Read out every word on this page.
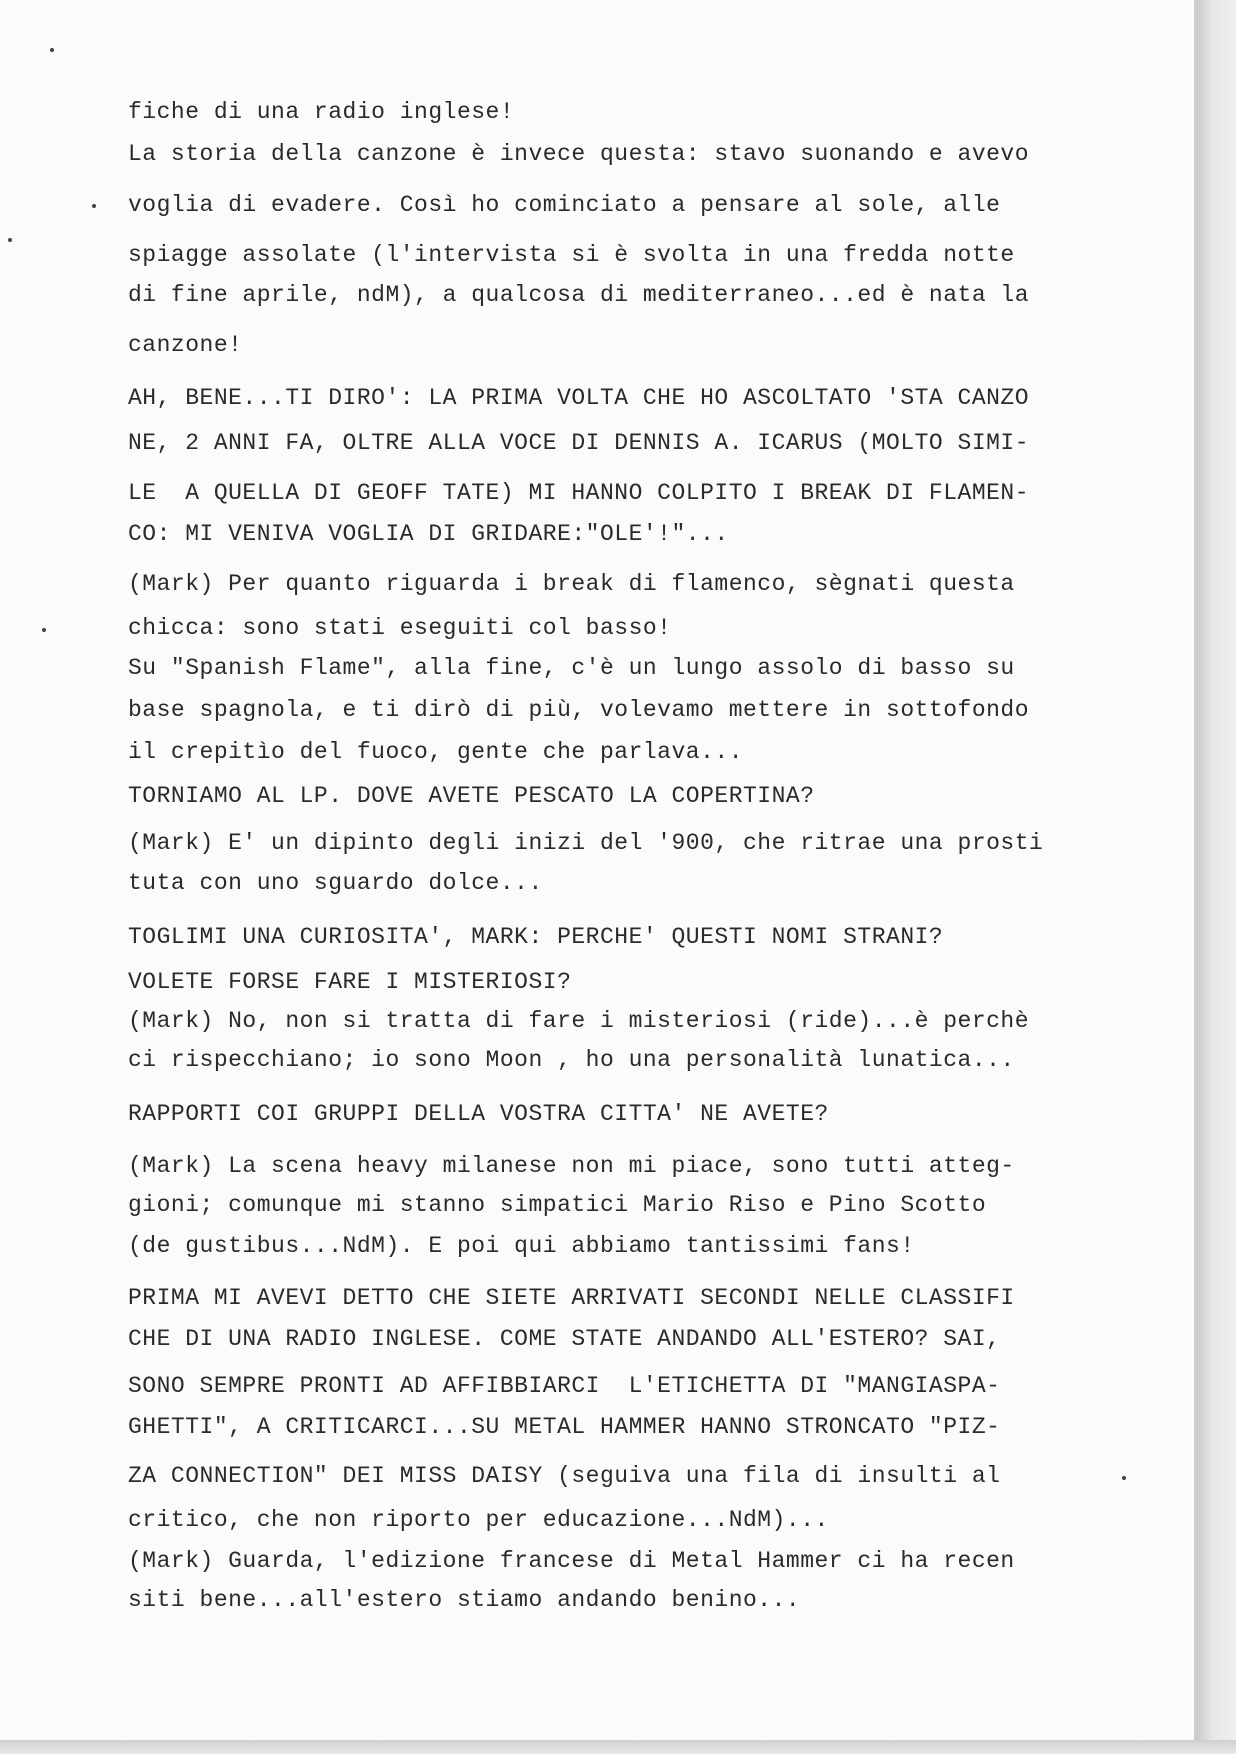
fiche di una radio inglese!
La storia della canzone è invece questa: stavo suonando e avevo
voglia di evadere. Così ho cominciato a pensare al sole, alle
spiagge assolate (l'intervista si è svolta in una fredda notte
di fine aprile, ndM), a qualcosa di mediterraneo...ed è nata la
canzone!
AH, BENE...TI DIRO': LA PRIMA VOLTA CHE HO ASCOLTATO 'STA CANZO
NE, 2 ANNI FA, OLTRE ALLA VOCE DI DENNIS A. ICARUS (MOLTO SIMI-
LE  A QUELLA DI GEOFF TATE) MI HANNO COLPITO I BREAK DI FLAMEN-
CO: MI VENIVA VOGLIA DI GRIDARE:"OLE'!"...
(Mark) Per quanto riguarda i break di flamenco, sègnati questa
chicca: sono stati eseguiti col basso!
Su "Spanish Flame", alla fine, c'è un lungo assolo di basso su
base spagnola, e ti dirò di più, volevamo mettere in sottofondo
il crepitìo del fuoco, gente che parlava...
TORNIAMO AL LP. DOVE AVETE PESCATO LA COPERTINA?
(Mark) E' un dipinto degli inizi del '900, che ritrae una prosti
tuta con uno sguardo dolce...
TOGLIMI UNA CURIOSITA', MARK: PERCHE' QUESTI NOMI STRANI?
VOLETE FORSE FARE I MISTERIOSI?
(Mark) No, non si tratta di fare i misteriosi (ride)...è perchè
ci rispecchiano; io sono Moon , ho una personalità lunatica...
RAPPORTI COI GRUPPI DELLA VOSTRA CITTA' NE AVETE?
(Mark) La scena heavy milanese non mi piace, sono tutti atteg-
gioni; comunque mi stanno simpatici Mario Riso e Pino Scotto
(de gustibus...NdM). E poi qui abbiamo tantissimi fans!
PRIMA MI AVEVI DETTO CHE SIETE ARRIVATI SECONDI NELLE CLASSIFI
CHE DI UNA RADIO INGLESE. COME STATE ANDANDO ALL'ESTERO? SAI,
SONO SEMPRE PRONTI AD AFFIBBIARCI  L'ETICHETTA DI "MANGIASPA-
GHETTI", A CRITICARCI...SU METAL HAMMER HANNO STRONCATO "PIZ-
ZA CONNECTION" DEI MISS DAISY (seguiva una fila di insulti al
critico, che non riporto per educazione...NdM)...
(Mark) Guarda, l'edizione francese di Metal Hammer ci ha recen
siti bene...all'estero stiamo andando benino...
